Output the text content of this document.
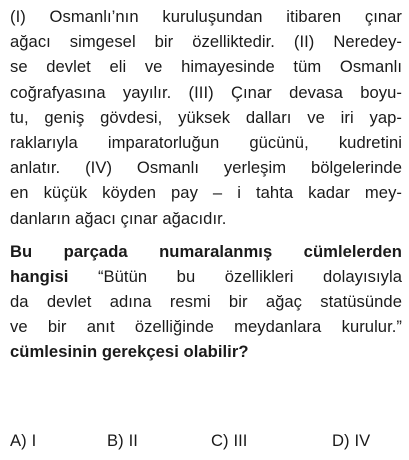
(I) Osmanlı’nın kuruluşundan itibaren çınar
ağacı simgesel bir özelliktedir. (II) Neredey-
se devlet eli ve himayesinde tüm Osmanlı
coğrafyasına yayılır. (III) Çınar devasa boyu-
tu, geniş gövdesi, yüksek dalları ve iri yap-
raklarıyla imparatorluğun gücünü, kudretini
anlatır. (IV) Osmanlı yerleşim bölgelerinde
en küçük köyden pay – i tahta kadar mey-
danların ağacı çınar ağacıdır.
Bu parçada numaralanmış cümlelerden
hangisi “Bütün bu özellikleri dolayısıyla
da devlet adına resmi bir ağaç statüsünde
ve bir anıt özelliğinde meydanlara kurulur.”
cümlesinin gerekçesi olabilir?
A) I	B) II	C) III	D) IV
